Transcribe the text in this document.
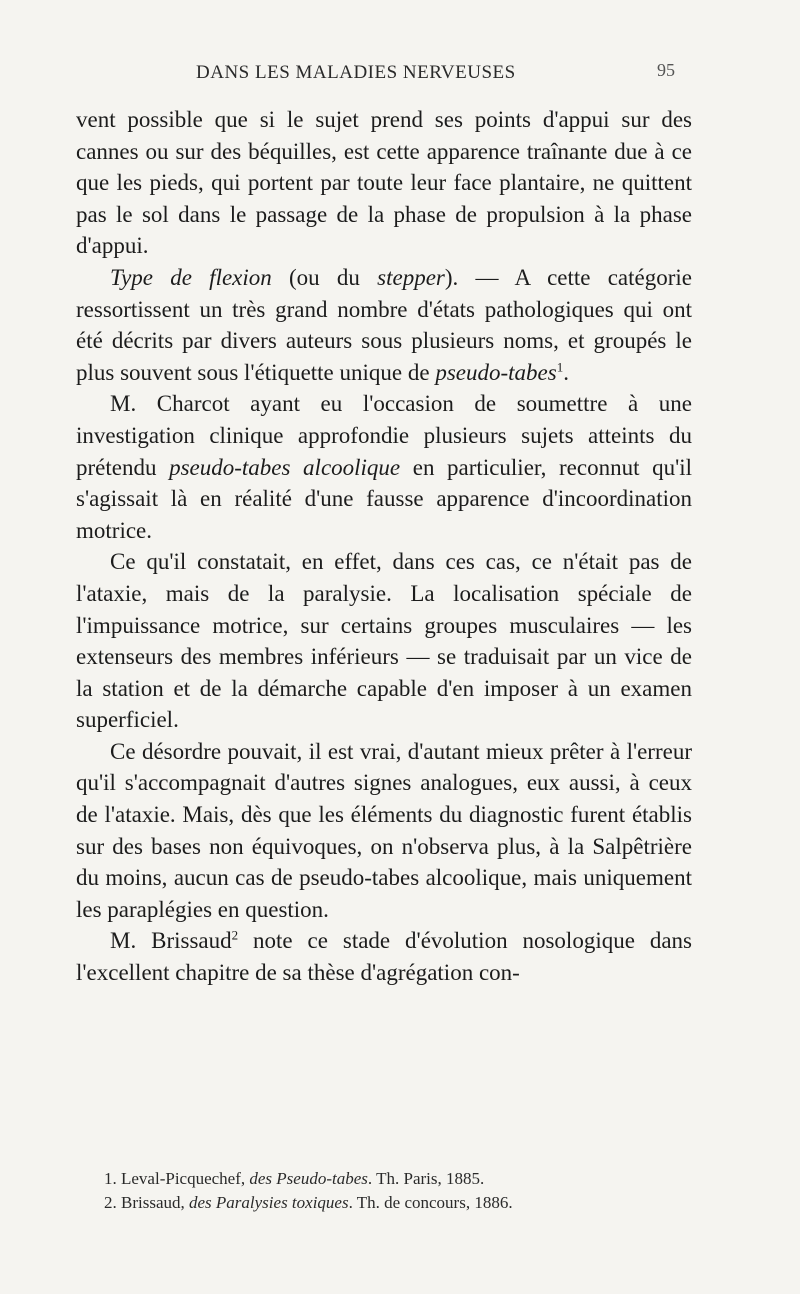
DANS LES MALADIES NERVEUSES	95

vent possible que si le sujet prend ses points d'appui sur des cannes ou sur des béquilles, est cette apparence traînante due à ce que les pieds, qui portent par toute leur face plantaire, ne quittent pas le sol dans le passage de la phase de propulsion à la phase d'appui.

Type de flexion (ou du stepper). — A cette catégorie ressortissent un très grand nombre d'états pathologiques qui ont été décrits par divers auteurs sous plusieurs noms, et groupés le plus souvent sous l'étiquette unique de pseudo-tabes$^1$.

M. Charcot ayant eu l'occasion de soumettre à une investigation clinique approfondie plusieurs sujets atteints du prétendu pseudo-tabes alcoolique en particulier, reconnut qu'il s'agissait là en réalité d'une fausse apparence d'incoordination motrice.

Ce qu'il constatait, en effet, dans ces cas, ce n'était pas de l'ataxie, mais de la paralysie. La localisation spéciale de l'impuissance motrice, sur certains groupes musculaires — les extenseurs des membres inférieurs — se traduisait par un vice de la station et de la démarche capable d'en imposer à un examen superficiel.

Ce désordre pouvait, il est vrai, d'autant mieux prêter à l'erreur qu'il s'accompagnait d'autres signes analogues, eux aussi, à ceux de l'ataxie. Mais, dès que les éléments du diagnostic furent établis sur des bases non équivoques, on n'observa plus, à la Salpêtrière du moins, aucun cas de pseudo-tabes alcoolique, mais uniquement les paraplégies en question.

M. Brissaud$^2$ note ce stade d'évolution nosologique dans l'excellent chapitre de sa thèse d'agrégation con-

1. Leval-Picquechef, des Pseudo-tabes. Th. Paris, 1885.

2. Brissaud, des Paralysies toxiques. Th. de concours, 1886.
